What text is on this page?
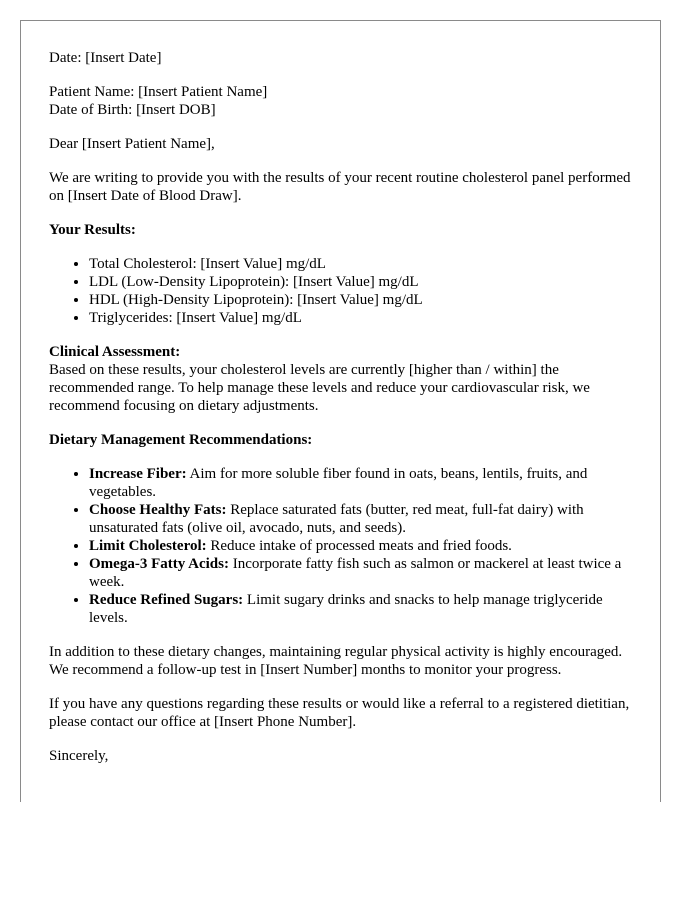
Date: [Insert Date]

Patient Name: [Insert Patient Name]
Date of Birth: [Insert DOB]

Dear [Insert Patient Name],

We are writing to provide you with the results of your recent routine cholesterol panel performed on [Insert Date of Blood Draw].

Your Results:

• Total Cholesterol: [Insert Value] mg/dL
• LDL (Low-Density Lipoprotein): [Insert Value] mg/dL
• HDL (High-Density Lipoprotein): [Insert Value] mg/dL
• Triglycerides: [Insert Value] mg/dL

Clinical Assessment:
Based on these results, your cholesterol levels are currently [higher than / within] the recommended range. To help manage these levels and reduce your cardiovascular risk, we recommend focusing on dietary adjustments.

Dietary Management Recommendations:

• Increase Fiber: Aim for more soluble fiber found in oats, beans, lentils, fruits, and vegetables.
• Choose Healthy Fats: Replace saturated fats (butter, red meat, full-fat dairy) with unsaturated fats (olive oil, avocado, nuts, and seeds).
• Limit Cholesterol: Reduce intake of processed meats and fried foods.
• Omega-3 Fatty Acids: Incorporate fatty fish such as salmon or mackerel at least twice a week.
• Reduce Refined Sugars: Limit sugary drinks and snacks to help manage triglyceride levels.

In addition to these dietary changes, maintaining regular physical activity is highly encouraged. We recommend a follow-up test in [Insert Number] months to monitor your progress.

If you have any questions regarding these results or would like a referral to a registered dietitian, please contact our office at [Insert Phone Number].

Sincerely,
